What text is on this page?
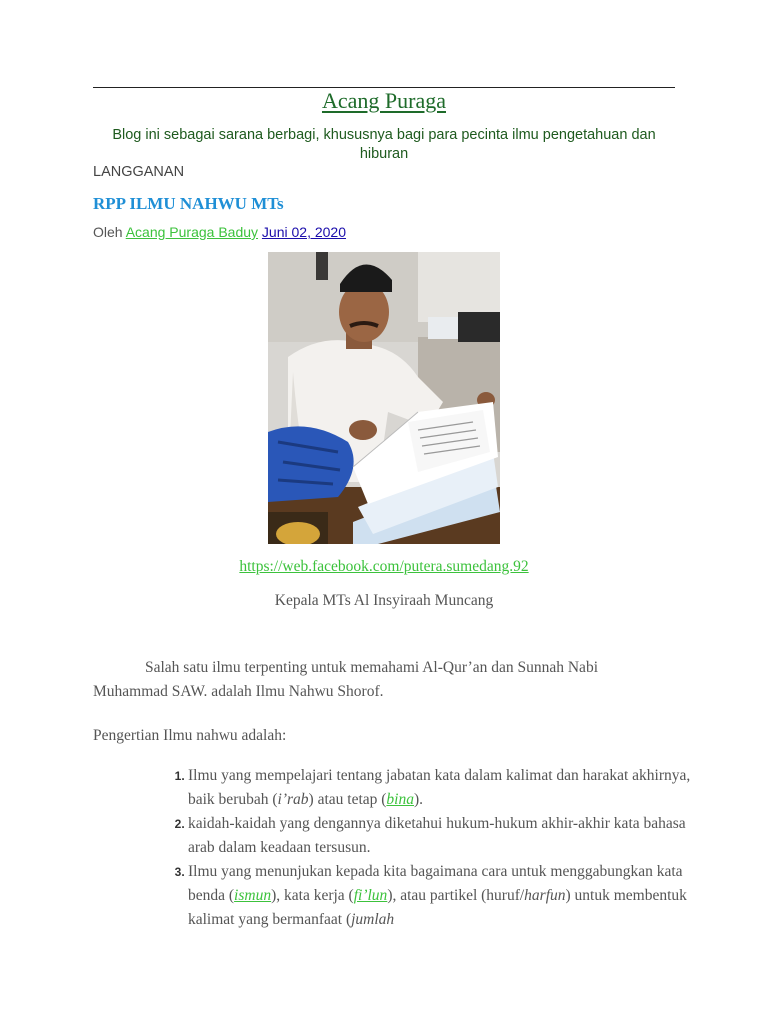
Acang Puraga
Blog ini sebagai sarana berbagi, khususnya bagi para pecinta ilmu pengetahuan dan hiburan
LANGGANAN
RPP ILMU NAHWU MTs
Oleh Acang Puraga Baduy Juni 02, 2020
https://web.facebook.com/putera.sumedang.92
Kepala MTs Al Insyiraah Muncang
Salah satu ilmu terpenting untuk memahami Al-Qur’an dan Sunnah Nabi Muhammad SAW. adalah Ilmu Nahwu Shorof.
Pengertian Ilmu nahwu adalah:
1. Ilmu yang mempelajari tentang jabatan kata dalam kalimat dan harakat akhirnya, baik berubah (i’rab) atau tetap (bina).
2. kaidah-kaidah yang dengannya diketahui hukum-hukum akhir-akhir kata bahasa arab dalam keadaan tersusun.
3. Ilmu yang menunjukan kepada kita bagaimana cara untuk menggabungkan kata benda (ismun), kata kerja (fi’lun), atau partikel (huruf/harfun) untuk membentuk kalimat yang bermanfaat (jumlah
